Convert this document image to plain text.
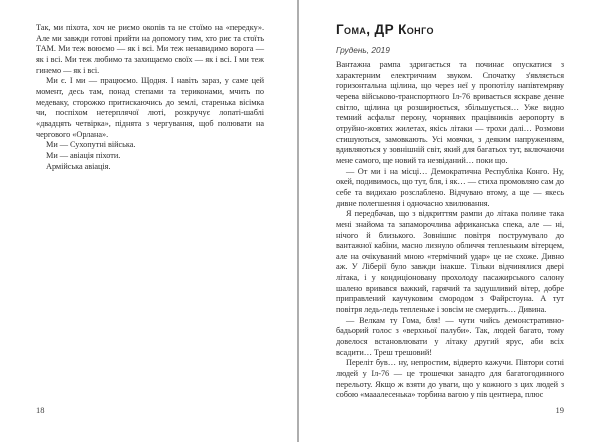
Так, ми піхота, хоч не риємо окопів та не стоїмо на «передку». Але ми завжди готові прийти на допомогу тим, хто риє та стоїть ТАМ. Ми теж воюємо — як і всі. Ми теж ненавидимо ворога — як і всі. Ми теж любимо та захищаємо своїх — як і всі. І ми теж гинемо — як і всі.

Ми є. І ми — працюємо. Щодня. І навіть зараз, у саме цей момент, десь там, понад степами та териконами, мчить по медеваку, сторожко притискаючись до землі, старенька вісімка чи, поспіхом нетерплячої люті, розкручує лопаті-шаблі «двадцять четвірка», піднята з чергування, щоб полювати на чергового «Орлана».

Ми — Сухопутні війська.

Ми — авіація піхоти.

Армійська авіація.

18
Гома, ДР Конго
Грудень, 2019

Вантажна рампа здригається та починає опускатися з характерним електричним звуком. Спочатку з'являється горизонтальна щілина, що через неї у пропотілу напівтемряву черева військово-транспортного Іл-76 вривається яскраве денне світло, щілина ця розширюється, збільшується… Уже видно темний асфальт перону, чорнявих працівників аеропорту в отруйно-жовтих жилетах, якісь літаки — трохи далі… Розмови стишуються, замовкають. Усі мовчки, з деяким напруженням, вдивляються у зовнішній світ, який для багатьох тут, включаючи мене самого, ще новий та незвіданий… поки що.

— От ми і на місці… Демократична Республіка Конго. Ну, окей, подивимось, що тут, бля, і як… — стиха промовляю сам до себе та видихаю розслаблено. Відчуваю втому, а ще — якесь дивне полегшення і одночасно хвилювання.

Я передбачав, що з відкриттям рампи до літака полине така мені знайома та запаморочлива африканська спека, але — ні, нічого й близького. Зовнішнє повітря пострумувало до вантажної кабіни, масно лизнуло обличчя тепленьким вітерцем, але на очікуваний мною «термічний удар» це не схоже. Дивно аж. У Ліберії було завжди інакше. Тільки відчинялися двері літака, і у кондиціоновану прохолоду пасажирського салону шалено вривався важкий, гарячий та задушливий вітер, добре приправлений каучуковим смородом з Файрстоуна. А тут повітря ледь-ледь тепленьке і зовсім не смердить… Дивина.

— Велкам ту Гома, бля! — чути чийсь демонстративно-бадьорий голос з «верхньої палуби». Так, людей багато, тому довелося встановлювати у літаку другий ярус, аби всіх всадити… Треш трешовий!

Переліт був… ну, непростим, відверто кажучи. Півтори сотні людей у Іл-76 — це трошечки занадто для багатогодинного перельоту. Якщо ж взяти до уваги, що у кожного з цих людей з собою «мааалесенька» торбина вагою у пів центнера, плюс

19
